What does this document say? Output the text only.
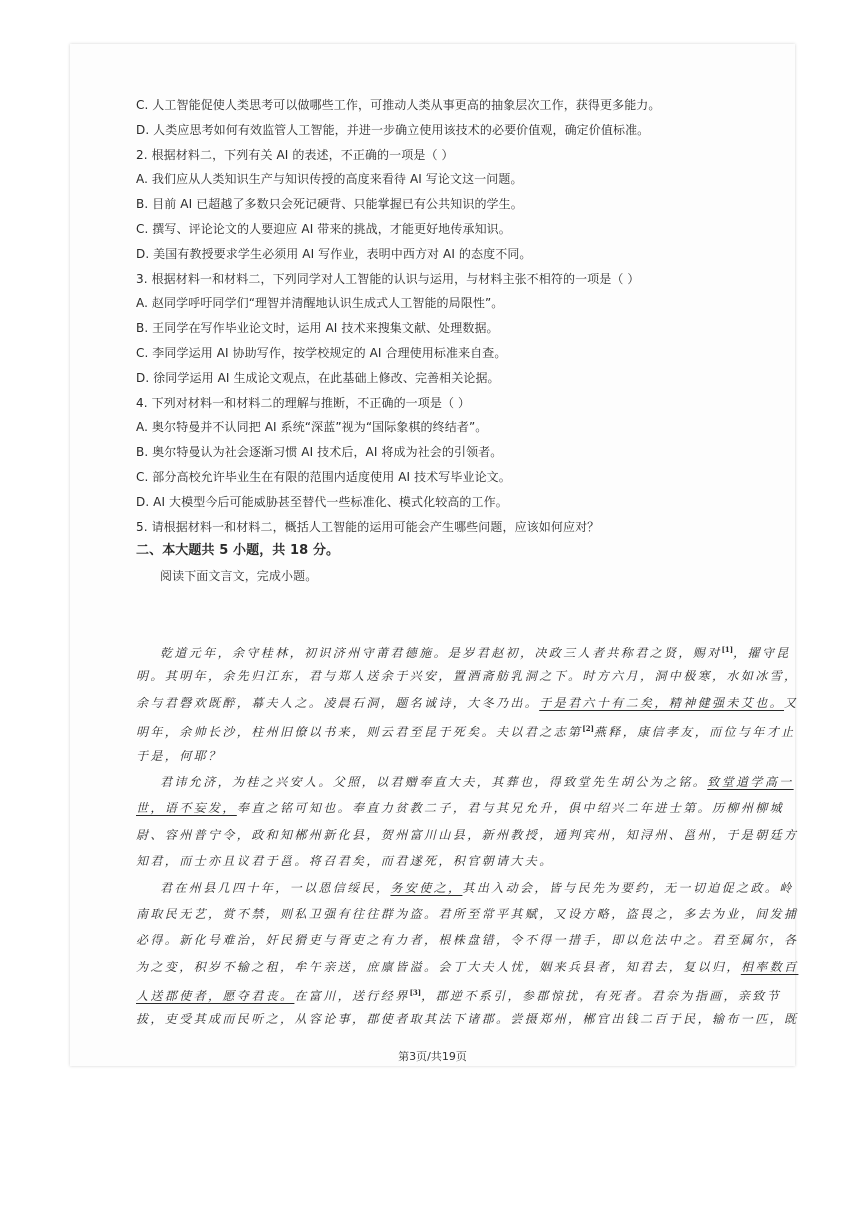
C. 人工智能促使人类思考可以做哪些工作，可推动人类从事更高的抽象层次工作，获得更多能力。
D. 人类应思考如何有效监管人工智能，并进一步确立使用该技术的必要价值观，确定价值标准。
2. 根据材料二，下列有关 AI 的表述，不正确的一项是（ ）
A. 我们应从人类知识生产与知识传授的高度来看待 AI 写论文这一问题。
B. 目前 AI 已超越了多数只会死记硬背、只能掌握已有公共知识的学生。
C. 撰写、评论论文的人要迎应 AI 带来的挑战，才能更好地传承知识。
D. 美国有教授要求学生必须用 AI 写作业，表明中西方对 AI 的态度不同。
3. 根据材料一和材料二，下列同学对人工智能的认识与运用，与材料主张不相符的一项是（ ）
A. 赵同学呼吁同学们“理智并清醒地认识生成式人工智能的局限性”。
B. 王同学在写作毕业论文时，运用 AI 技术来搜集文献、处理数据。
C. 李同学运用 AI 协助写作，按学校规定的 AI 合理使用标准来自查。
D. 徐同学运用 AI 生成论文观点，在此基础上修改、完善相关论据。
4. 下列对材料一和材料二的理解与推断，不正确的一项是（ ）
A. 奥尔特曼并不认同把 AI 系统“深蓝”视为“国际象棋的终结者”。
B. 奥尔特曼认为社会逐渐习惯 AI 技术后，AI 将成为社会的引领者。
C. 部分高校允许毕业生在有限的范围内适度使用 AI 技术写毕业论文。
D. AI 大模型今后可能威胁甚至替代一些标准化、模式化较高的工作。
5. 请根据材料一和材料二，概括人工智能的运用可能会产生哪些问题，应该如何应对？
二、本大题共 5 小题，共 18 分。
阅读下面文言文，完成小题。
乾道元年，余守桂林，初识济州守莆君德施。是岁君赵初，决政三人者共称君之贤，赐对[1]，擢守昆
明。其明年，余先归江东，君与郑人送余于兴安，置酒斋舫乳洞之下。时方六月，洞中极寒，水如冰雪，
余与君磬欢既醉，幕夫人之。凌晨石洞，题名诚诗，大冬乃出。于是君六十有二矣，精神健强未艾也。又
明年，余帅长沙，柱州旧僚以书来，则云君至昆于死矣。夫以君之志第[2]燕释，康信孝友，而位与年才止
于是，何耶？
君讳允济，为桂之兴安人。父照，以君赠奉直大夫，其葬也，得致堂先生胡公为之铭。致堂道学高一
世，语不妄发，奉直之铭可知也。奉直力贫教二子，君与其兄允升，俱中绍兴二年进士第。历柳州柳城
尉、容州普宁令，政和知郴州新化县，贺州富川山县，新州教授，通判宾州，知浔州、邕州，于是朝廷方
知君，而士亦且议君于邕。将召君矣，而君遂死，积官朝请大夫。
君在州县几四十年，一以恩信绥民，务安使之，其出入动会，皆与民先为要约，无一切迫促之政。岭
南取民无艺，赏不禁，则私卫强有往往群为盗。君所至常平其赋，又设方略，盗畏之，多去为业，间发捕
必得。新化号难治，奸民猾吏与胥吏之有力者，根株盘错，令不得一措手，即以危法中之。君至属尔，各
为之变，积岁不输之租，牟午亲送，庶廪皆溢。会丁大夫人忧，姻来兵县者，知君去，复以归，相率数百
人送郡使者，愿夺君丧。在富川，送行经界[3]，郡逆不系引，参郡惊扰，有死者。君奈为指画，亲致节
拔，吏受其成而民听之，从容论事，郡使者取其法下诸郡。尝摄郑州，郴官出钱二百于民，输布一匹，既
第3页/共19页
